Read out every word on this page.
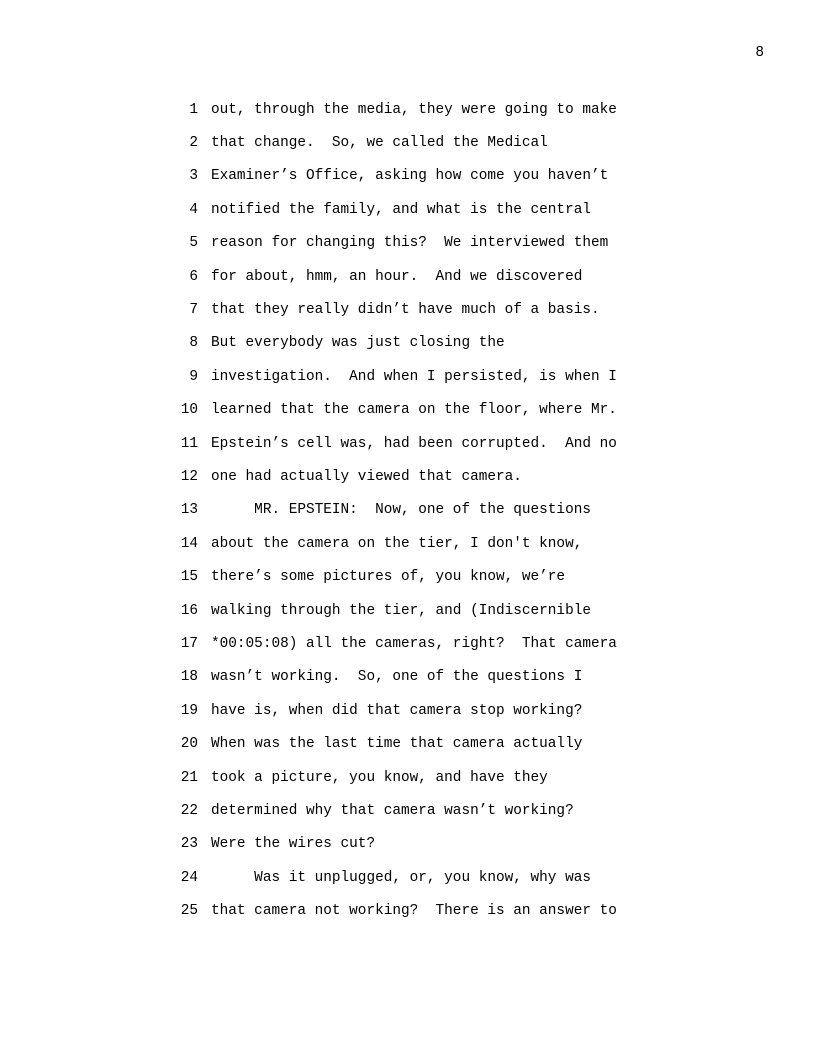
8
1 out, through the media, they were going to make
2 that change.  So, we called the Medical
3 Examiner’s Office, asking how come you haven’t
4 notified the family, and what is the central
5 reason for changing this?  We interviewed them
6 for about, hmm, an hour.  And we discovered
7 that they really didn’t have much of a basis.
8 But everybody was just closing the
9 investigation.  And when I persisted, is when I
10 learned that the camera on the floor, where Mr.
11 Epstein’s cell was, had been corrupted.  And no
12 one had actually viewed that camera.
13 MR. EPSTEIN:  Now, one of the questions
14 about the camera on the tier, I don't know,
15 there’s some pictures of, you know, we’re
16 walking through the tier, and (Indiscernible
17 *00:05:08) all the cameras, right?  That camera
18 wasn’t working.  So, one of the questions I
19 have is, when did that camera stop working?
20 When was the last time that camera actually
21 took a picture, you know, and have they
22 determined why that camera wasn’t working?
23 Were the wires cut?
24 Was it unplugged, or, you know, why was
25 that camera not working?  There is an answer to
